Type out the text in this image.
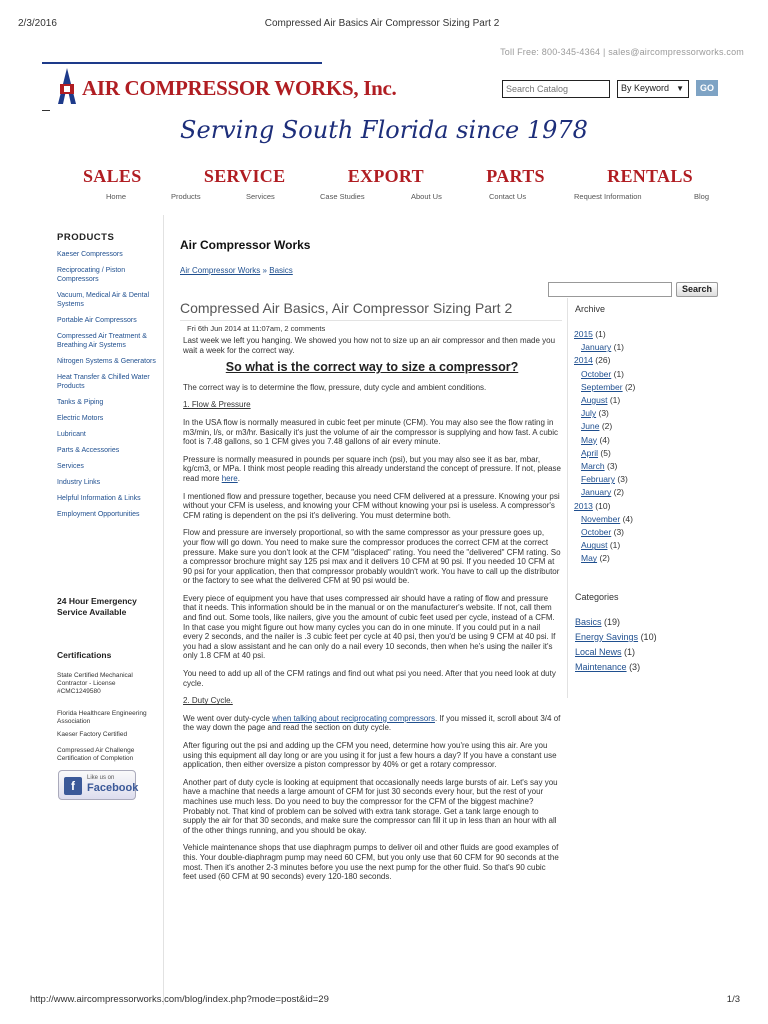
2/3/2016	Compressed Air Basics Air Compressor Sizing Part 2
Toll Free: 800-345-4364 | sales@aircompressorworks.com
AIR COMPRESSOR WORKS, Inc.
Search Catalog	By Keyword ▼	GO
Serving South Florida since 1978
SALES	SERVICE	EXPORT	PARTS	RENTALS
Home	Products	Services	Case Studies	About Us	Contact Us	Request Information	Blog
PRODUCTS
Kaeser Compressors
Reciprocating / Piston Compressors
Vacuum, Medical Air & Dental Systems
Portable Air Compressors
Compressed Air Treatment & Breathing Air Systems
Nitrogen Systems & Generators
Heat Transfer & Chilled Water Products
Tanks & Piping
Electric Motors
Lubricant
Parts & Accessories
Services
Industry Links
Helpful Information & Links
Employment Opportunities
24 Hour Emergency Service Available
Certifications
State Certified Mechanical Contractor - License #CMC1249580
Florida Healthcare Engineering Association
Kaeser Factory Certified
Compressed Air Challenge Certification of Completion
f
Like us on
Facebook
Air Compressor Works
Air Compressor Works » Basics
Search
Compressed Air Basics, Air Compressor Sizing Part 2
Fri 6th Jun 2014 at 11:07am, 2 comments

Last week we left you hanging. We showed you how not to size up an air compressor and then made you wait a week for the correct way.

So what is the correct way to size a compressor?

The correct way is to determine the flow, pressure, duty cycle and ambient conditions.

1. Flow & Pressure

In the USA flow is normally measured in cubic feet per minute (CFM). You may also see the flow rating in m3/min, l/s, or m3/hr. Basically it's just the volume of air the compressor is supplying and how fast. A cubic foot is 7.48 gallons, so 1 CFM gives you 7.48 gallons of air every minute.

Pressure is normally measured in pounds per square inch (psi), but you may also see it as bar, mbar, kg/cm3, or MPa. I think most people reading this already understand the concept of pressure. If not, please read more here.

I mentioned flow and pressure together, because you need CFM delivered at a pressure. Knowing your psi without your CFM is useless, and knowing your CFM without knowing your psi is useless. A compressor's CFM rating is dependent on the psi it's delivering. You must determine both.

Flow and pressure are inversely proportional, so with the same compressor as your pressure goes up, your flow will go down. You need to make sure the compressor produces the correct CFM at the correct pressure. Make sure you don't look at the CFM "displaced" rating. You need the "delivered" CFM rating. So a compressor brochure might say 125 psi max and it delivers 10 CFM at 90 psi. If you needed 10 CFM at 90 psi for your application, then that compressor probably wouldn't work. You have to call up the distributor or the factory to see what the delivered CFM at 90 psi would be.

Every piece of equipment you have that uses compressed air should have a rating of flow and pressure that it needs. This information should be in the manual or on the manufacturer's website. If not, call them and find out. Some tools, like nailers, give you the amount of cubic feet used per cycle, instead of a CFM. In that case you might figure out how many cycles you can do in one minute. If you could put in a nail every 2 seconds, and the nailer is .3 cubic feet per cycle at 40 psi, then you'd be using 9 CFM at 40 psi. If you had a slow assistant and he can only do a nail every 10 seconds, then when he's using the nailer it's only 1.8 CFM at 40 psi.

You need to add up all of the CFM ratings and find out what psi you need. After that you need look at duty cycle.

2. Duty Cycle.

We went over duty-cycle when talking about reciprocating compressors. If you missed it, scroll about 3/4 of the way down the page and read the section on duty cycle.

After figuring out the psi and adding up the CFM you need, determine how you're using this air. Are you using this equipment all day long or are you using it for just a few hours a day? If you have a constant use application, then either oversize a piston compressor by 40% or get a rotary compressor.

Another part of duty cycle is looking at equipment that occasionally needs large bursts of air. Let's say you have a machine that needs a large amount of CFM for just 30 seconds every hour, but the rest of your machines use much less. Do you need to buy the compressor for the CFM of the biggest machine? Probably not. That kind of problem can be solved with extra tank storage. Get a tank large enough to supply the air for that 30 seconds, and make sure the compressor can fill it up in less than an hour with all of the other things running, and you should be okay.

Vehicle maintenance shops that use diaphragm pumps to deliver oil and other fluids are good examples of this. Your double-diaphragm pump may need 60 CFM, but you only use that 60 CFM for 90 seconds at the most. Then it's another 2-3 minutes before you use the next pump for the other fluid. So that's 90 cubic feet used (60 CFM at 90 seconds) every 120-180 seconds.

Archive
2015 (1)
January (1)
2014 (26)
October (1)
September (2)
August (1)
July (3)
June (2)
May (4)
April (5)
March (3)
February (3)
January (2)
2013 (10)
November (4)
October (3)
August (1)
May (2)
Categories
Basics (19)
Energy Savings (10)
Local News (1)
Maintenance (3)
http://www.aircompressorworks.com/blog/index.php?mode=post&id=29	1/3
